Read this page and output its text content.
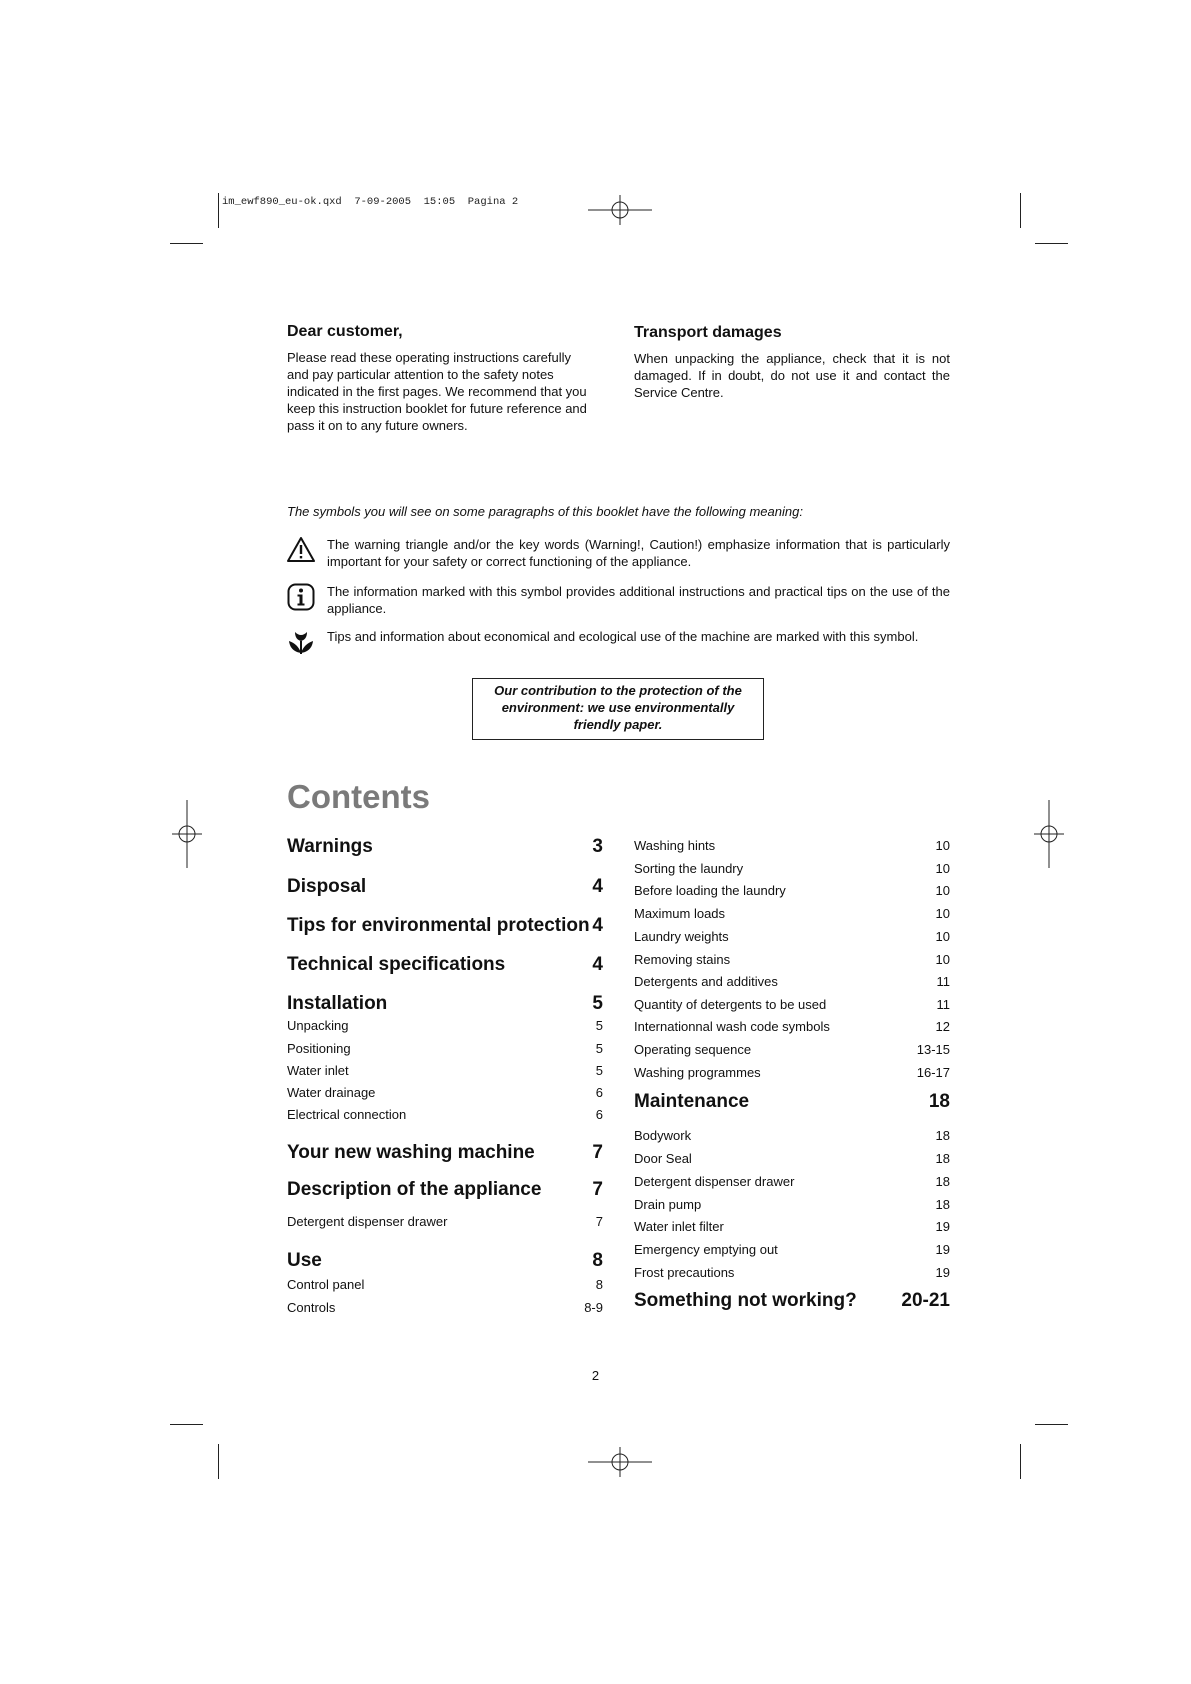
im_ewf890_eu-ok.qxd  7-09-2005  15:05  Pagina 2
Dear customer,
Please read these operating instructions carefully
and pay particular attention to the safety notes
indicated in the first pages. We recommend that you
keep this instruction booklet for future reference and
pass it on to any future owners.
Transport damages
When unpacking the appliance, check that it is not damaged. If in doubt, do not use it and contact the Service Centre.
The symbols you will see on some paragraphs of this booklet have the following meaning:
The warning triangle and/or the key words (Warning!, Caution!) emphasize information that is particularly important for your safety or correct functioning of the appliance.
The information marked with this symbol provides additional instructions and practical tips on the use of the appliance.
Tips and information about economical and ecological use of the machine are marked with this symbol.
Our contribution to the protection of the
environment: we use environmentally
friendly paper.
Contents
Warnings	3
Disposal	4
Tips for environmental protection 4
Technical specifications	4
Installation	5
Unpacking	5
Positioning	5
Water inlet	5
Water drainage	6
Electrical connection	6
Your new washing machine	7
Description of the appliance	7
Detergent dispenser drawer	7
Use	8
Control panel	8
Controls	8-9
Washing hints	10
Sorting the laundry	10
Before loading the laundry	10
Maximum loads	10
Laundry weights	10
Removing stains	10
Detergents and additives	11
Quantity of detergents to be used	11
Internationnal wash code symbols	12
Operating sequence	13-15
Washing programmes	16-17
Maintenance	18
Bodywork	18
Door Seal	18
Detergent dispenser drawer	18
Drain pump	18
Water inlet filter	19
Emergency emptying out	19
Frost precautions	19
Something not working? 20-21
2
